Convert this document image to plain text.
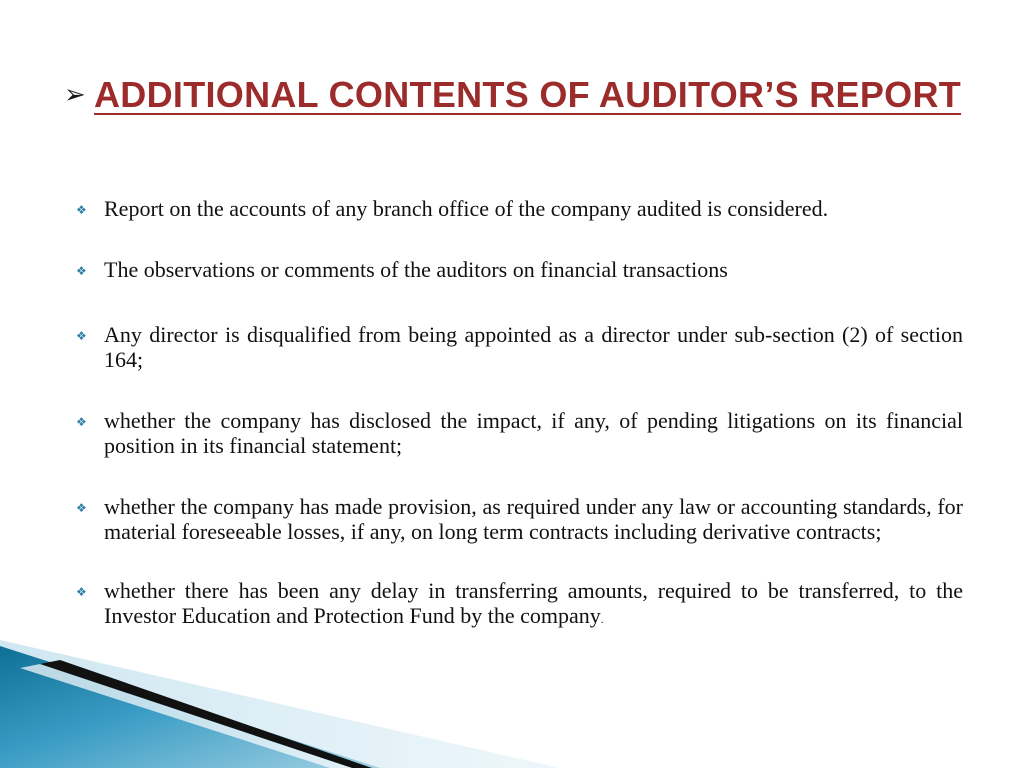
➢ ADDITIONAL CONTENTS OF AUDITOR’S REPORT
❖ Report on the accounts of any branch office of the company audited is considered.
❖ The observations or comments of the auditors on financial transactions
❖ Any director is disqualified from being appointed as a director under sub-section (2) of section 164;
❖ whether the company has disclosed the impact, if any, of pending litigations on its financial position in its financial statement;
❖ whether the company has made provision, as required under any law or accounting standards, for material foreseeable losses, if any, on long term contracts including derivative contracts;
❖ whether there has been any delay in transferring amounts, required to be transferred, to the Investor Education and Protection Fund by the company.
